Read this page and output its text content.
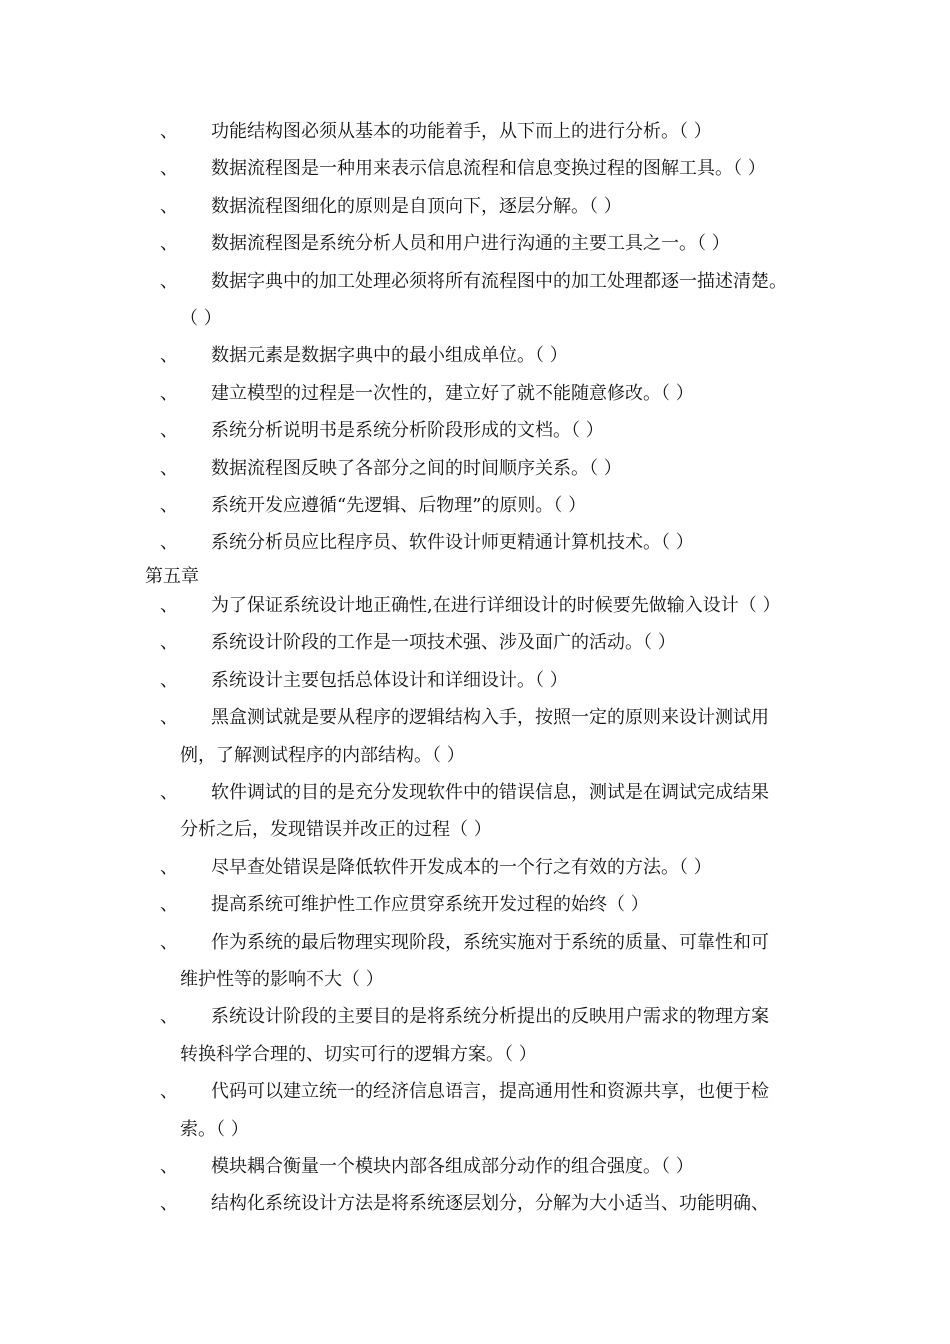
、 功能结构图必须从基本的功能着手，从下而上的进行分析。（ ）
、 数据流程图是一种用来表示信息流程和信息变换过程的图解工具。（ ）
、 数据流程图细化的原则是自顶向下，逐层分解。（ ）
、 数据流程图是系统分析人员和用户进行沟通的主要工具之一。（ ）
、 数据字典中的加工处理必须将所有流程图中的加工处理都逐一描述清楚。
（ ）
、 数据元素是数据字典中的最小组成单位。（ ）
、 建立模型的过程是一次性的，建立好了就不能随意修改。（ ）
、 系统分析说明书是系统分析阶段形成的文档。（ ）
、 数据流程图反映了各部分之间的时间顺序关系。（ ）
、 系统开发应遵循“先逻辑、后物理”的原则。（ ）
、 系统分析员应比程序员、软件设计师更精通计算机技术。（ ）
第五章
、 为了保证系统设计地正确性,在进行详细设计的时候要先做输入设计（ ）
、 系统设计阶段的工作是一项技术强、涉及面广的活动。（ ）
、 系统设计主要包括总体设计和详细设计。（ ）
、 黑盒测试就是要从程序的逻辑结构入手，按照一定的原则来设计测试用
例，了解测试程序的内部结构。（ ）
、 软件调试的目的是充分发现软件中的错误信息，测试是在调试完成结果
分析之后，发现错误并改正的过程（ ）
、 尽早查处错误是降低软件开发成本的一个行之有效的方法。（ ）
、 提高系统可维护性工作应贯穿系统开发过程的始终（ ）
、 作为系统的最后物理实现阶段，系统实施对于系统的质量、可靠性和可
维护性等的影响不大（ ）
、 系统设计阶段的主要目的是将系统分析提出的反映用户需求的物理方案
转换科学合理的、切实可行的逻辑方案。（ ）
、 代码可以建立统一的经济信息语言，提高通用性和资源共享，也便于检
索。（ ）
、 模块耦合衡量一个模块内部各组成部分动作的组合强度。（ ）
、 结构化系统设计方法是将系统逐层划分，分解为大小适当、功能明确、
